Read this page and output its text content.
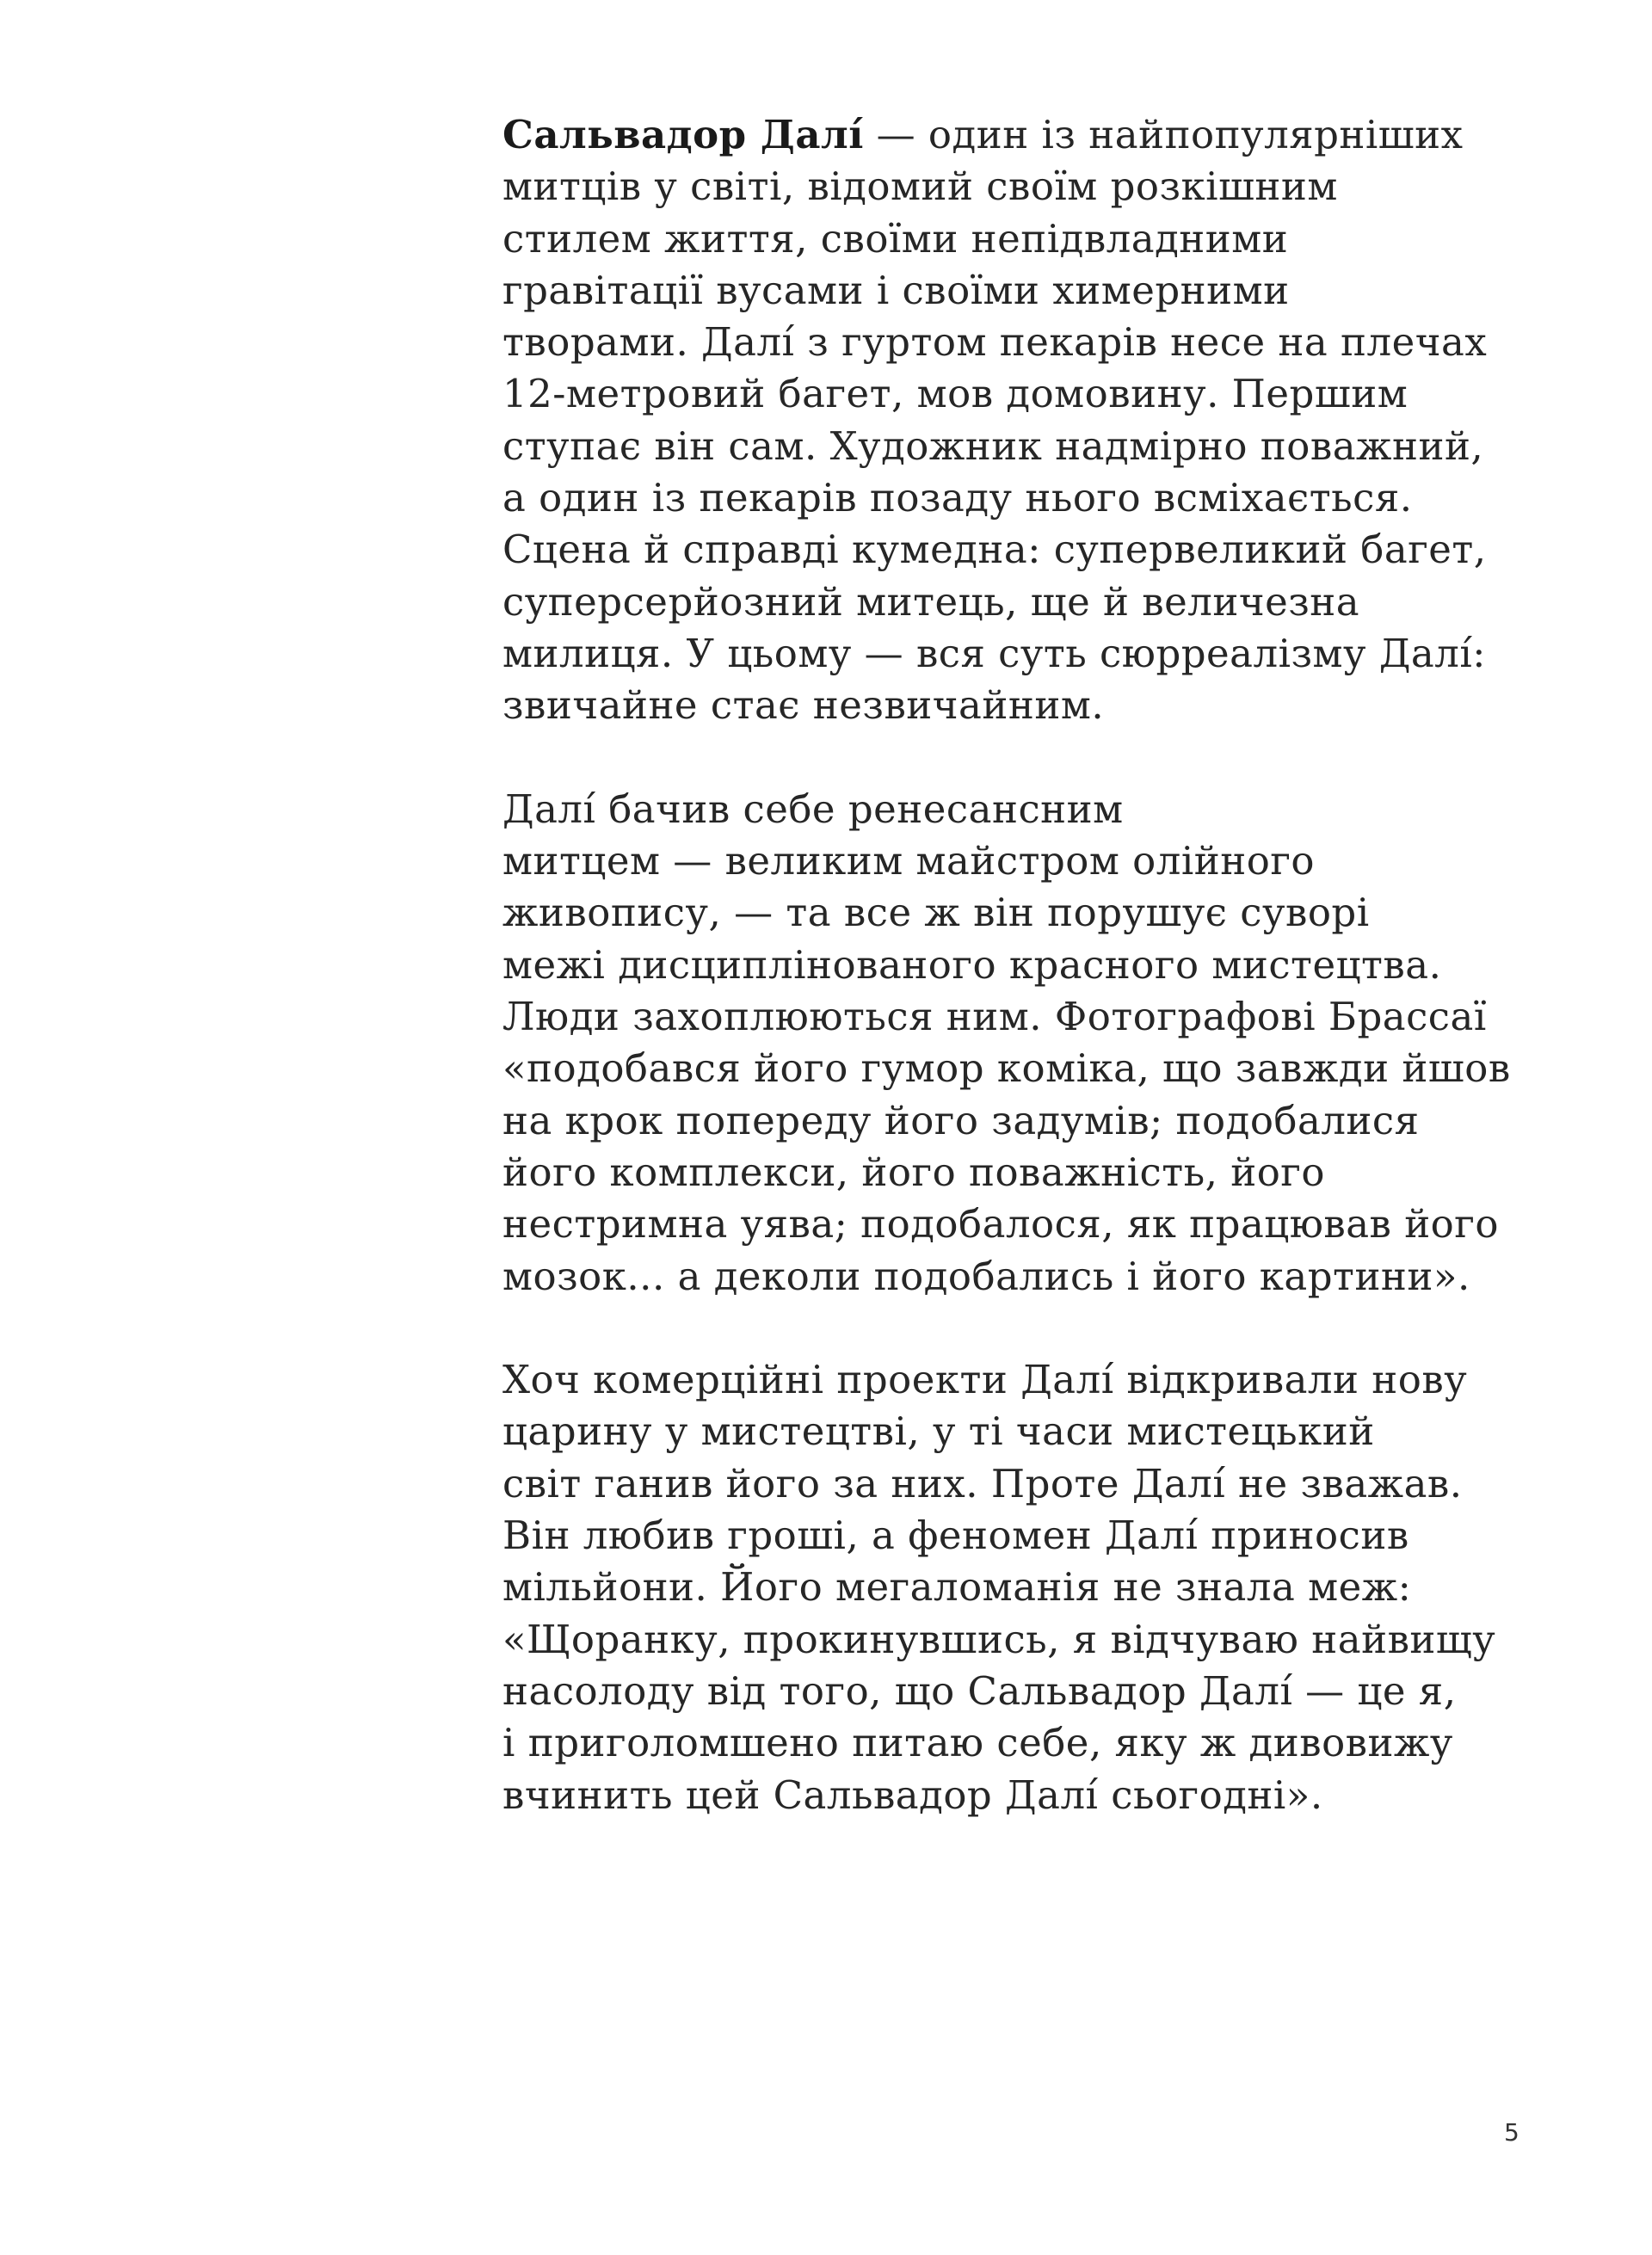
Сальвадор Далí — один із найпопулярніших
митців у світі, відомий своїм розкішним
стилем життя, своїми непідвладними
гравітації вусами і своїми химерними
творами. Далí з гуртом пекарів несе на плечах
12-метровий багет, мов домовину. Першим
ступає він сам. Художник надмірно поважний,
а один із пекарів позаду нього всміхається.
Сцена й справді кумедна: супервеликий багет,
суперсерйозний митець, ще й величезна
милиця. У цьому — вся суть сюрреалізму Далí:
звичайне стає незвичайним.
Далí бачив себе ренесансним
митцем — великим майстром олійного
живопису, — та все ж він порушує суворі
межі дисциплінованого красного мистецтва.
Люди захоплюються ним. Фотографові Брассаї
«подобався його гумор коміка, що завжди йшов
на крок попереду його задумів; подобалися
його комплекси, його поважність, його
нестримна уява; подобалося, як працював його
мозок... а деколи подобались і його картини».
Хоч комерційні проекти Далí відкривали нову
царину у мистецтві, у ті часи мистецький
світ ганив його за них. Проте Далí не зважав.
Він любив гроші, а феномен Далí приносив
мільйони. Його мегаломанія не знала меж:
«Щоранку, прокинувшись, я відчуваю найвищу
насолоду від того, що Сальвадор Далí — це я,
і приголомшено питаю себе, яку ж дивовижу
вчинить цей Сальвадор Далí сьогодні».
5
